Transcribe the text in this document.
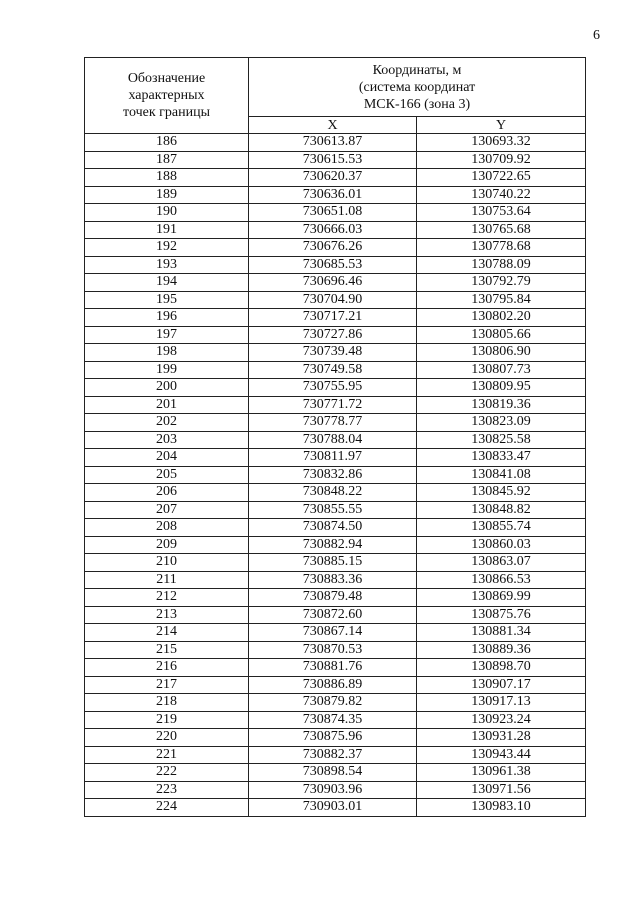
6
Обозначение
характерных
точек границы	Координаты, м
(система координат
МСК-166 (зона 3)	

	X	Y
186	730613.87	130693.32
187	730615.53	130709.92
188	730620.37	130722.65
189	730636.01	130740.22
190	730651.08	130753.64
191	730666.03	130765.68
192	730676.26	130778.68
193	730685.53	130788.09
194	730696.46	130792.79
195	730704.90	130795.84
196	730717.21	130802.20
197	730727.86	130805.66
198	730739.48	130806.90
199	730749.58	130807.73
200	730755.95	130809.95
201	730771.72	130819.36
202	730778.77	130823.09
203	730788.04	130825.58
204	730811.97	130833.47
205	730832.86	130841.08
206	730848.22	130845.92
207	730855.55	130848.82
208	730874.50	130855.74
209	730882.94	130860.03
210	730885.15	130863.07
211	730883.36	130866.53
212	730879.48	130869.99
213	730872.60	130875.76
214	730867.14	130881.34
215	730870.53	130889.36
216	730881.76	130898.70
217	730886.89	130907.17
218	730879.82	130917.13
219	730874.35	130923.24
220	730875.96	130931.28
221	730882.37	130943.44
222	730898.54	130961.38
223	730903.96	130971.56
224	730903.01	130983.10
